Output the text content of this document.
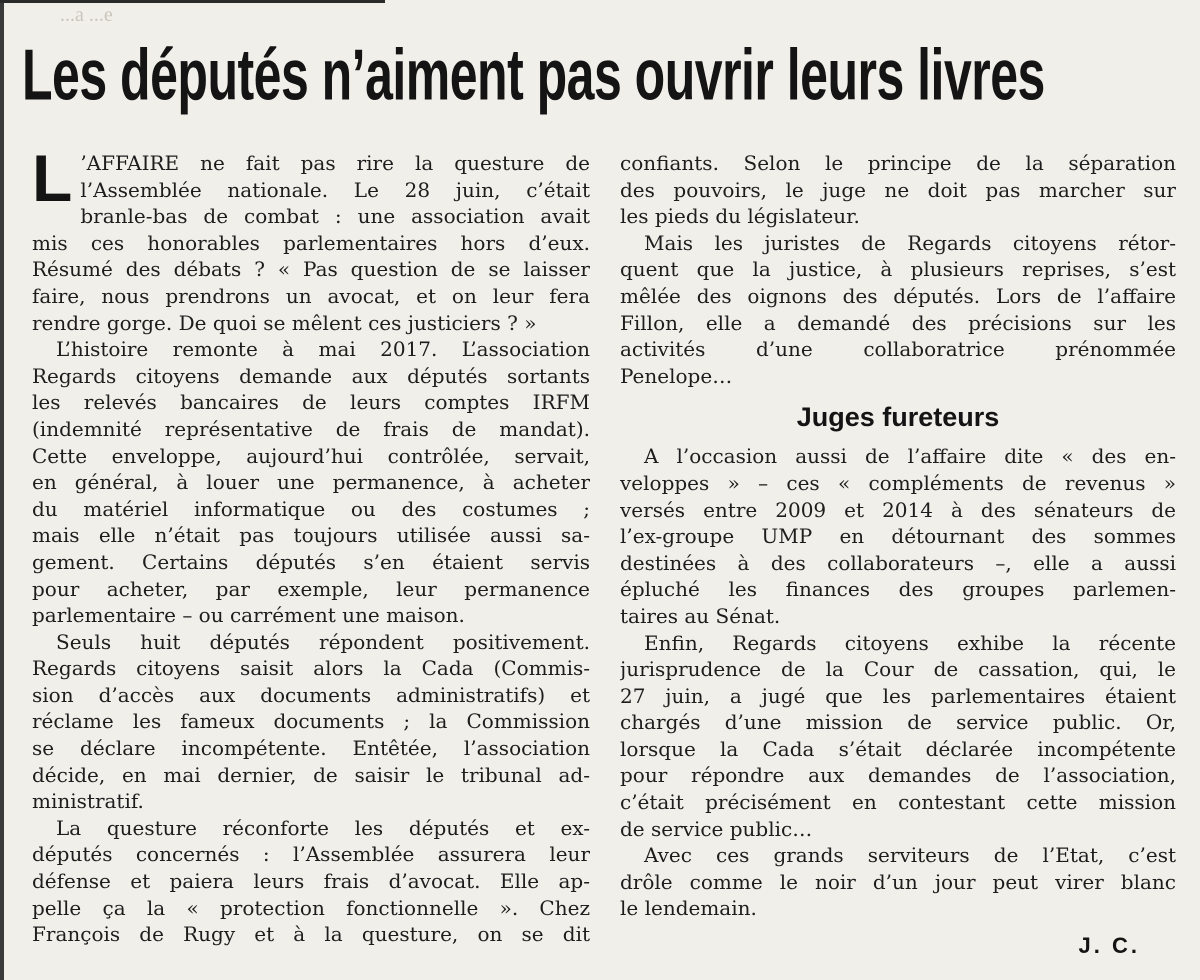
...a ...e
Les députés n’aiment pas ouvrir leurs livres
L ’AFFAIRE ne fait pas rire la questure de
l’Assemblée nationale. Le 28 juin, c’était
branle-bas de combat : une association avait
mis ces honorables parlementaires hors d’eux.
Résumé des débats ? « Pas question de se laisser
faire, nous prendrons un avocat, et on leur fera
rendre gorge. De quoi se mêlent ces justiciers ? »
L’histoire remonte à mai 2017. L’association
Regards citoyens demande aux députés sortants
les relevés bancaires de leurs comptes IRFM
(indemnité représentative de frais de mandat).
Cette enveloppe, aujourd’hui contrôlée, servait,
en général, à louer une permanence, à acheter
du matériel informatique ou des costumes ;
mais elle n’était pas toujours utilisée aussi sa-
gement. Certains députés s’en étaient servis
pour acheter, par exemple, leur permanence
parlementaire – ou carrément une maison.
Seuls huit députés répondent positivement.
Regards citoyens saisit alors la Cada (Commis-
sion d’accès aux documents administratifs) et
réclame les fameux documents ; la Commission
se déclare incompétente. Entêtée, l’association
décide, en mai dernier, de saisir le tribunal ad-
ministratif.
La questure réconforte les députés et ex-
députés concernés : l’Assemblée assurera leur
défense et paiera leurs frais d’avocat. Elle ap-
pelle ça la « protection fonctionnelle ». Chez
François de Rugy et à la questure, on se dit
confiants. Selon le principe de la séparation
des pouvoirs, le juge ne doit pas marcher sur
les pieds du législateur.
Mais les juristes de Regards citoyens rétor-
quent que la justice, à plusieurs reprises, s’est
mêlée des oignons des députés. Lors de l’affaire
Fillon, elle a demandé des précisions sur les
activités d’une collaboratrice prénommée
Penelope…
Juges fureteurs
A l’occasion aussi de l’affaire dite « des en-
veloppes » – ces « compléments de revenus »
versés entre 2009 et 2014 à des sénateurs de
l’ex-groupe UMP en détournant des sommes
destinées à des collaborateurs –, elle a aussi
épluché les finances des groupes parlemen-
taires au Sénat.
Enfin, Regards citoyens exhibe la récente
jurisprudence de la Cour de cassation, qui, le
27 juin, a jugé que les parlementaires étaient
chargés d’une mission de service public. Or,
lorsque la Cada s’était déclarée incompétente
pour répondre aux demandes de l’association,
c’était précisément en contestant cette mission
de service public…
Avec ces grands serviteurs de l’Etat, c’est
drôle comme le noir d’un jour peut virer blanc
le lendemain.
J. C.
